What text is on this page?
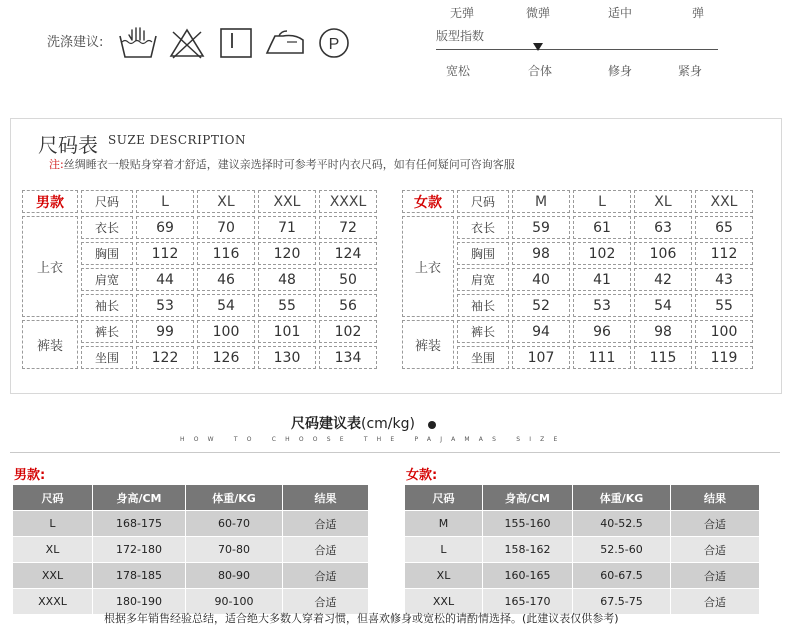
洗涤建议:	P
无弹	微弹	适中	弹
版型指数
宽松	合体	修身	紧身
尺码表 SUZE DESCRIPTION
注:丝绸睡衣一般贴身穿着才舒适，建议亲选择时可参考平时内衣尺码，如有任何疑问可咨询客服
男款	尺码	L	XL	XXL	XXXL
上衣	衣长	69	70	71	72
	胸围	112	116	120	124
	肩宽	44	46	48	50
	袖长	53	54	55	56
裤装	裤长	99	100	101	102
	坐围	122	126	130	134
女款	尺码	M	L	XL	XXL
上衣	衣长	59	61	63	65
	胸围	98	102	106	112
	肩宽	40	41	42	43
	袖长	52	53	54	55
裤装	裤长	94	96	98	100
	坐围	107	111	115	119
尺码建议表(cm/kg)
HOW TO CHOOSE THE PAJAMAS SIZE
男款:	女款:
尺码	身高/CM	体重/KG	结果
L	168-175	60-70	合适
XL	172-180	70-80	合适
XXL	178-185	80-90	合适
XXXL	180-190	90-100	合适
尺码	身高/CM	体重/KG	结果
M	155-160	40-52.5	合适
L	158-162	52.5-60	合适
XL	160-165	60-67.5	合适
XXL	165-170	67.5-75	合适
根据多年销售经验总结，适合绝大多数人穿着习惯，但喜欢修身或宽松的请酌情选择。(此建议表仅供参考)
